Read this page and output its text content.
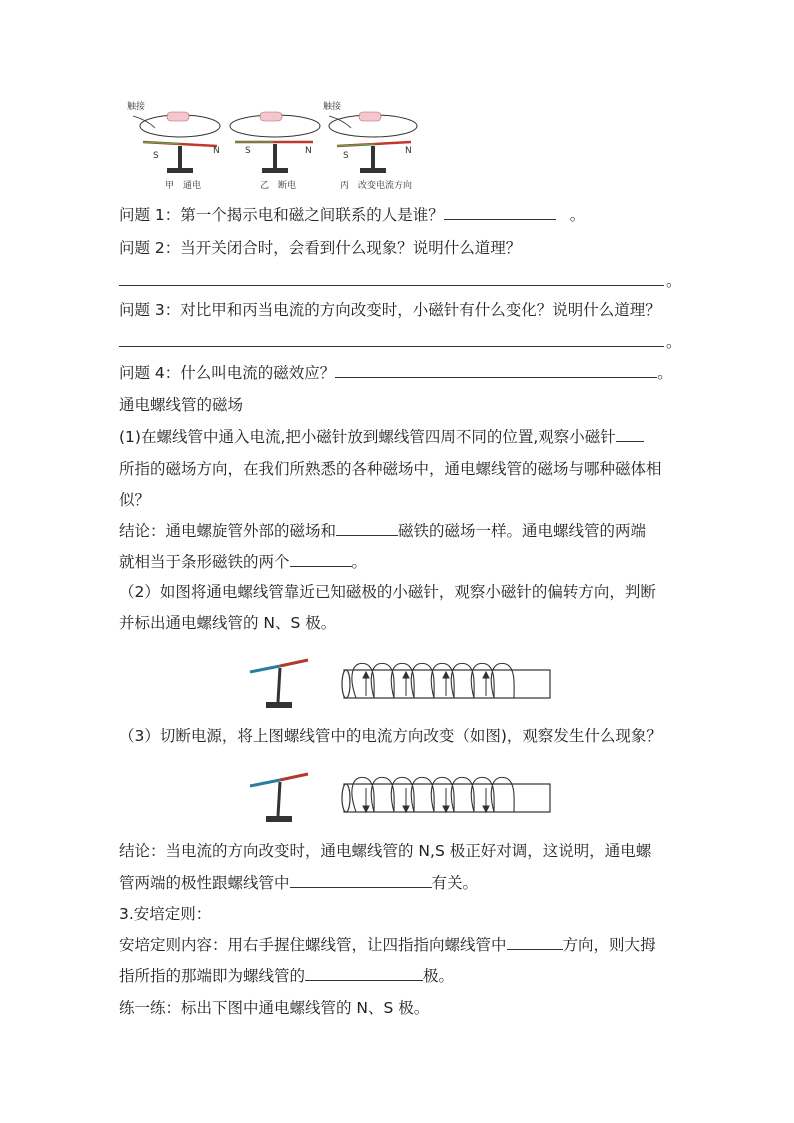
触接
S	N
甲　通电
S	N
乙　断电
触接
S	N
丙　改变电流方向
问题 1：第一个揭示电和磁之间联系的人是谁？	。
问题 2：当开关闭合时，会看到什么现象？说明什么道理？
。
问题 3：对比甲和丙当电流的方向改变时，小磁针有什么变化？说明什么道理？
。
问题 4：什么叫电流的磁效应？	。
通电螺线管的磁场
(1)在螺线管中通入电流,把小磁针放到螺线管四周不同的位置,观察小磁针
所指的磁场方向，在我们所熟悉的各种磁场中，通电螺线管的磁场与哪种磁体相
似？
结论：通电螺旋管外部的磁场和	磁铁的磁场一样。通电螺线管的两端
就相当于条形磁铁的两个	。
（2）如图将通电螺线管靠近已知磁极的小磁针，观察小磁针的偏转方向，判断
并标出通电螺线管的 N、S 极。
（3）切断电源，将上图螺线管中的电流方向改变（如图)，观察发生什么现象？
结论：当电流的方向改变时，通电螺线管的 N,S 极正好对调，这说明，通电螺
管两端的极性跟螺线管中	有关。
3.安培定则：
安培定则内容：用右手握住螺线管，让四指指向螺线管中	方向，则大拇
指所指的那端即为螺线管的	极。
练一练：标出下图中通电螺线管的 N、S 极。
